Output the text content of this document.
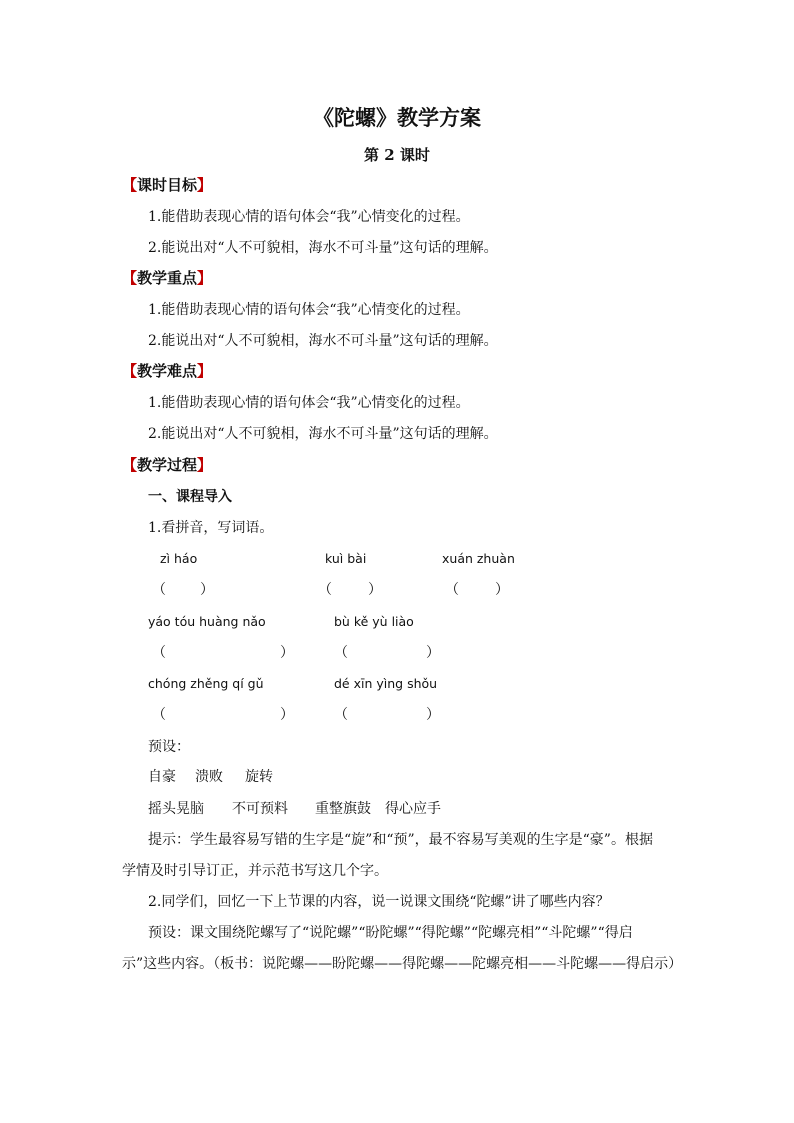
《陀螺》教学方案
第 2 课时
【课时目标】
1.能借助表现心情的语句体会“我”心情变化的过程。
2.能说出对“人不可貌相，海水不可斗量”这句话的理解。
【教学重点】
1.能借助表现心情的语句体会“我”心情变化的过程。
2.能说出对“人不可貌相，海水不可斗量”这句话的理解。
【教学难点】
1.能借助表现心情的语句体会“我”心情变化的过程。
2.能说出对“人不可貌相，海水不可斗量”这句话的理解。
【教学过程】
一、课程导入
1.看拼音，写词语。
zì háo	kuì bài	xuán zhuàn
（ ）	（	）	（	）
yáo tóu huàng nǎo	bù kě yù liào
（	）	（	）
chóng zhěng qí gǔ	dé xīn yìng shǒu
（	）	（	）
预设：
自豪 溃败 旋转
摇头晃脑 不可预料 重整旗鼓 得心应手
提示：学生最容易写错的生字是“旋”和“预”，最不容易写美观的生字是“豪”。根据
学情及时引导订正，并示范书写这几个字。
2.同学们，回忆一下上节课的内容，说一说课文围绕“陀螺”讲了哪些内容？
预设：课文围绕陀螺写了“说陀螺”“盼陀螺”“得陀螺”“陀螺亮相”“斗陀螺”“得启
示”这些内容。（板书：说陀螺——盼陀螺——得陀螺——陀螺亮相——斗陀螺——得启示）
